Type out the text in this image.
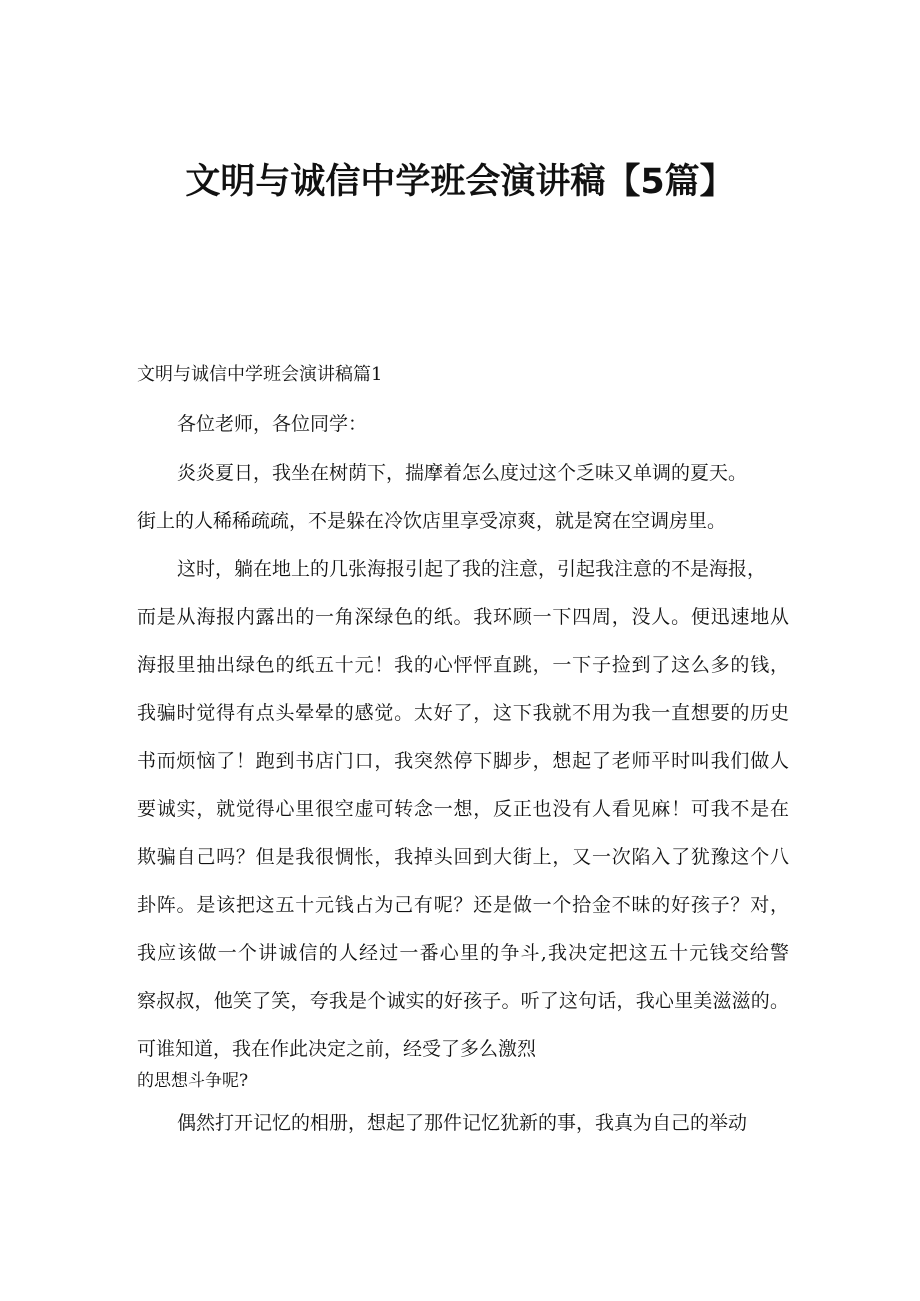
文明与诚信中学班会演讲稿【5篇】

文明与诚信中学班会演讲稿篇1

各位老师，各位同学：

炎炎夏日，我坐在树荫下，揣摩着怎么度过这个乏味又单调的夏天。

街上的人稀稀疏疏，不是躲在冷饮店里享受凉爽，就是窝在空调房里。

这时，躺在地上的几张海报引起了我的注意，引起我注意的不是海报，

而是从海报内露出的一角深绿色的纸。我环顾一下四周，没人。便迅速地从

海报里抽出绿色的纸五十元！我的心怦怦直跳，一下子捡到了这么多的钱，

我骗时觉得有点头晕晕的感觉。太好了，这下我就不用为我一直想要的历史

书而烦恼了！跑到书店门口，我突然停下脚步，想起了老师平时叫我们做人

要诚实，就觉得心里很空虚可转念一想，反正也没有人看见麻！可我不是在

欺骗自己吗？但是我很惆怅，我掉头回到大街上，又一次陷入了犹豫这个八

卦阵。是该把这五十元钱占为己有呢？还是做一个拾金不昧的好孩子？对，

我应该做一个讲诚信的人经过一番心里的争斗,我决定把这五十元钱交给警

察叔叔，他笑了笑，夸我是个诚实的好孩子。听了这句话，我心里美滋滋的。

可谁知道，我在作此决定之前，经受了多么激烈

的思想斗争呢?

偶然打开记忆的相册，想起了那件记忆犹新的事，我真为自己的举动
